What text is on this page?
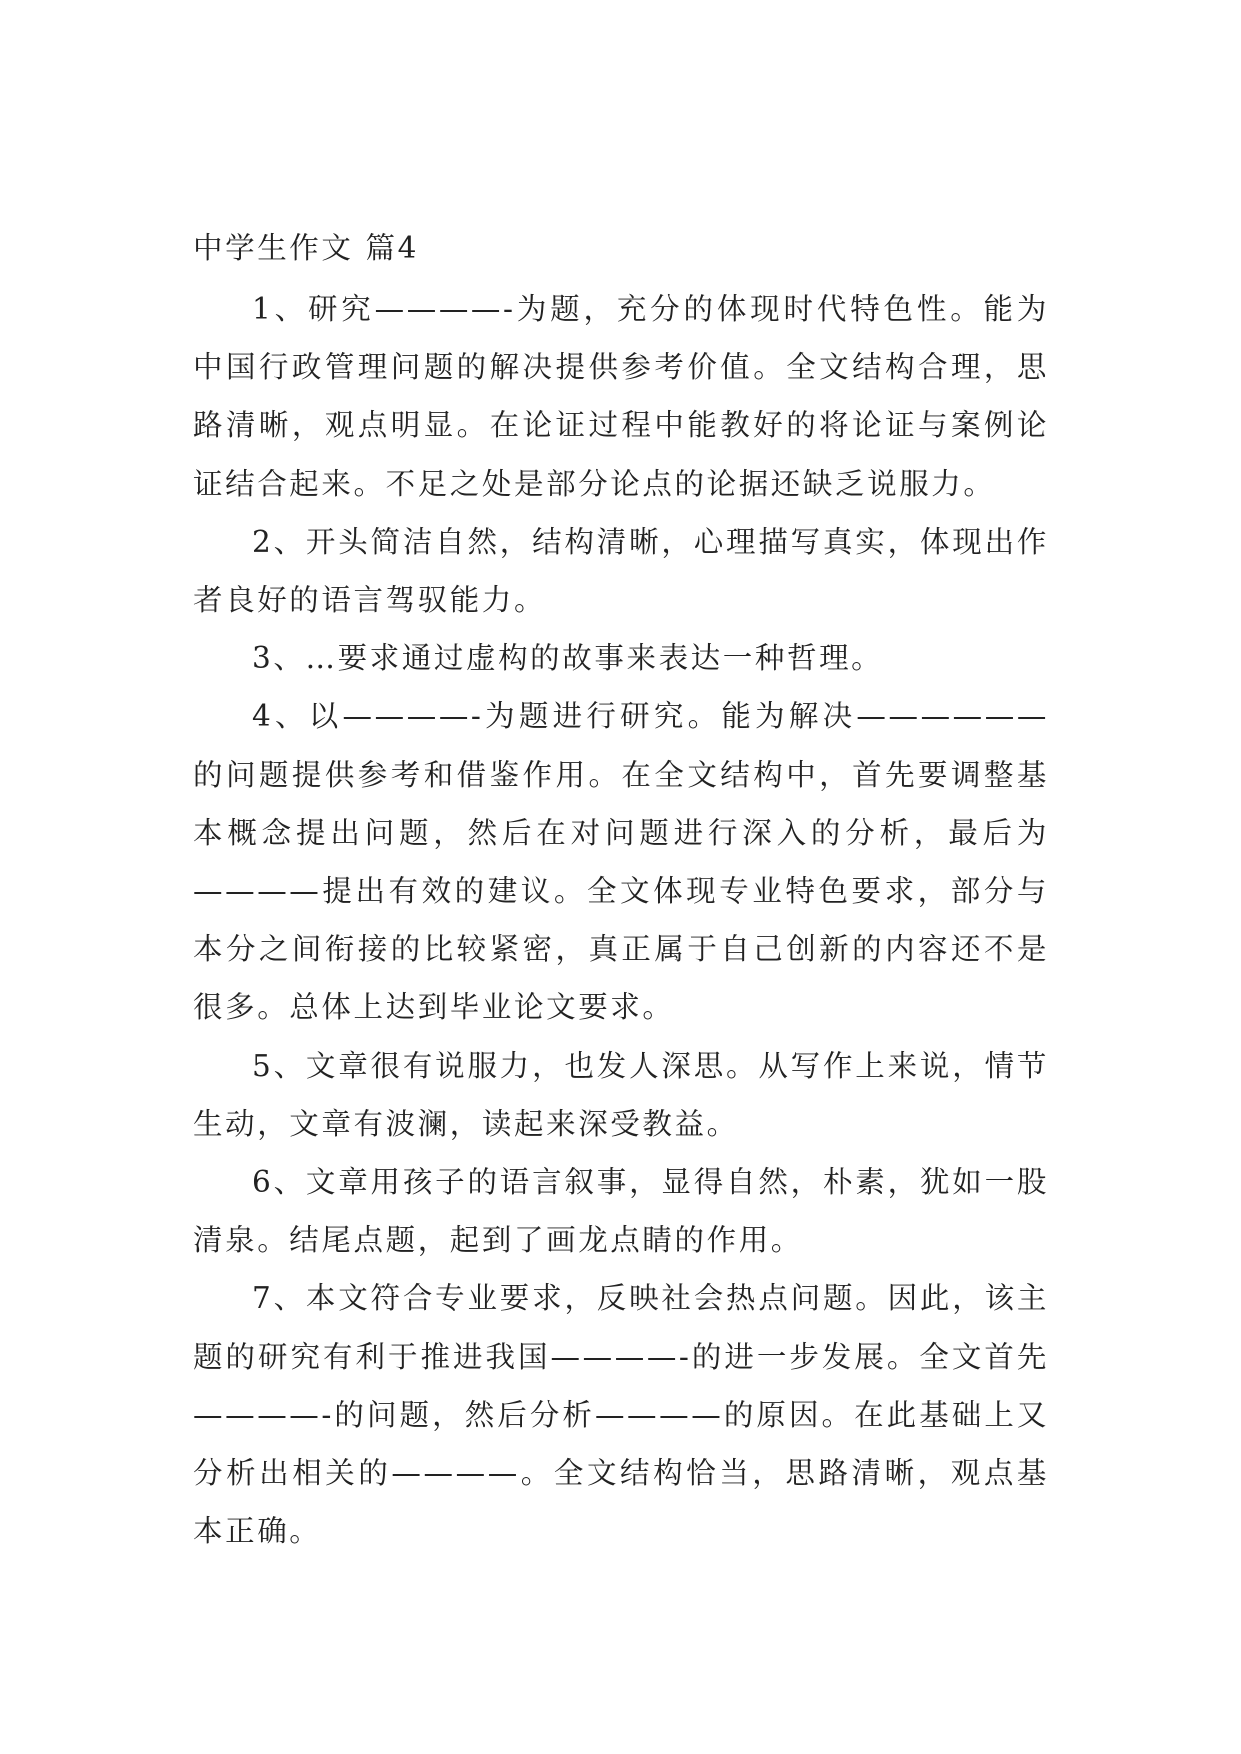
中学生作文 篇4

1、研究————-为题，充分的体现时代特色性。能为中国行政管理问题的解决提供参考价值。全文结构合理，思路清晰，观点明显。在论证过程中能教好的将论证与案例论证结合起来。不足之处是部分论点的论据还缺乏说服力。

2、开头简洁自然，结构清晰，心理描写真实，体现出作者良好的语言驾驭能力。

3、…要求通过虚构的故事来表达一种哲理。

4、以————-为题进行研究。能为解决——————的问题提供参考和借鉴作用。在全文结构中，首先要调整基本概念提出问题，然后在对问题进行深入的分析，最后为————提出有效的建议。全文体现专业特色要求，部分与本分之间衔接的比较紧密，真正属于自己创新的内容还不是很多。总体上达到毕业论文要求。

5、文章很有说服力，也发人深思。从写作上来说，情节生动，文章有波澜，读起来深受教益。

6、文章用孩子的语言叙事，显得自然，朴素，犹如一股清泉。结尾点题，起到了画龙点睛的作用。

7、本文符合专业要求，反映社会热点问题。因此，该主题的研究有利于推进我国————-的进一步发展。全文首先————-的问题，然后分析————的原因。在此基础上又分析出相关的————。全文结构恰当，思路清晰，观点基本正确。
